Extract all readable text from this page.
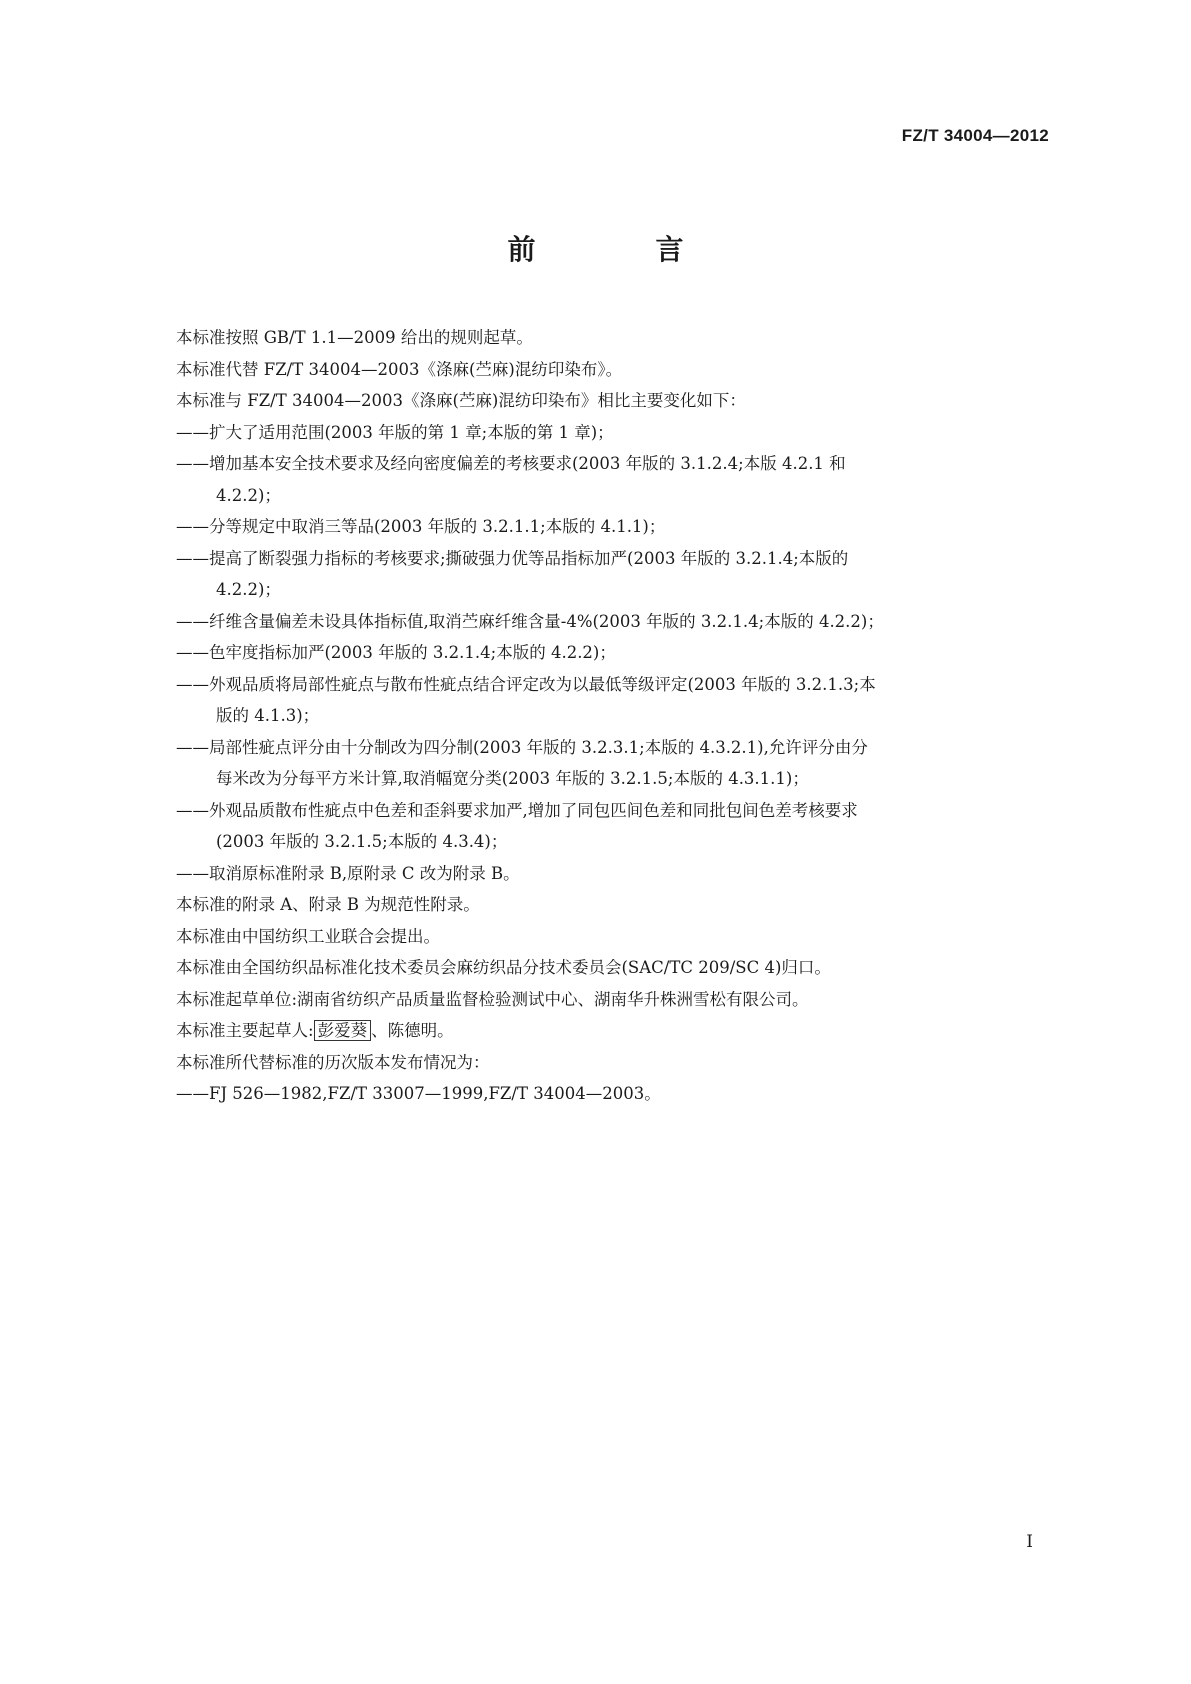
FZ/T 34004—2012
前　言
本标准按照 GB/T 1.1—2009 给出的规则起草。
本标准代替 FZ/T 34004—2003《涤麻(苎麻)混纺印染布》。
本标准与 FZ/T 34004—2003《涤麻(苎麻)混纺印染布》相比主要变化如下：
——扩大了适用范围(2003 年版的第 1 章;本版的第 1 章)；
——增加基本安全技术要求及经向密度偏差的考核要求(2003 年版的 3.1.2.4;本版 4.2.1 和
4.2.2)；
——分等规定中取消三等品(2003 年版的 3.2.1.1;本版的 4.1.1)；
——提高了断裂强力指标的考核要求;撕破强力优等品指标加严(2003 年版的 3.2.1.4;本版的
4.2.2)；
——纤维含量偏差未设具体指标值,取消苎麻纤维含量-4%(2003 年版的 3.2.1.4;本版的 4.2.2)；
——色牢度指标加严(2003 年版的 3.2.1.4;本版的 4.2.2)；
——外观品质将局部性疵点与散布性疵点结合评定改为以最低等级评定(2003 年版的 3.2.1.3;本
版的 4.1.3)；
——局部性疵点评分由十分制改为四分制(2003 年版的 3.2.3.1;本版的 4.3.2.1),允许评分由分
每米改为分每平方米计算,取消幅宽分类(2003 年版的 3.2.1.5;本版的 4.3.1.1)；
——外观品质散布性疵点中色差和歪斜要求加严,增加了同包匹间色差和同批包间色差考核要求
(2003 年版的 3.2.1.5;本版的 4.3.4)；
——取消原标准附录 B,原附录 C 改为附录 B。
本标准的附录 A、附录 B 为规范性附录。
本标准由中国纺织工业联合会提出。
本标准由全国纺织品标准化技术委员会麻纺织品分技术委员会(SAC/TC 209/SC 4)归口。
本标准起草单位:湖南省纺织产品质量监督检验测试中心、湖南华升株洲雪松有限公司。
本标准主要起草人: 彭爱葵 、陈德明。
本标准所代替标准的历次版本发布情况为：
——FJ 526—1982,FZ/T 33007—1999,FZ/T 34004—2003。
I
